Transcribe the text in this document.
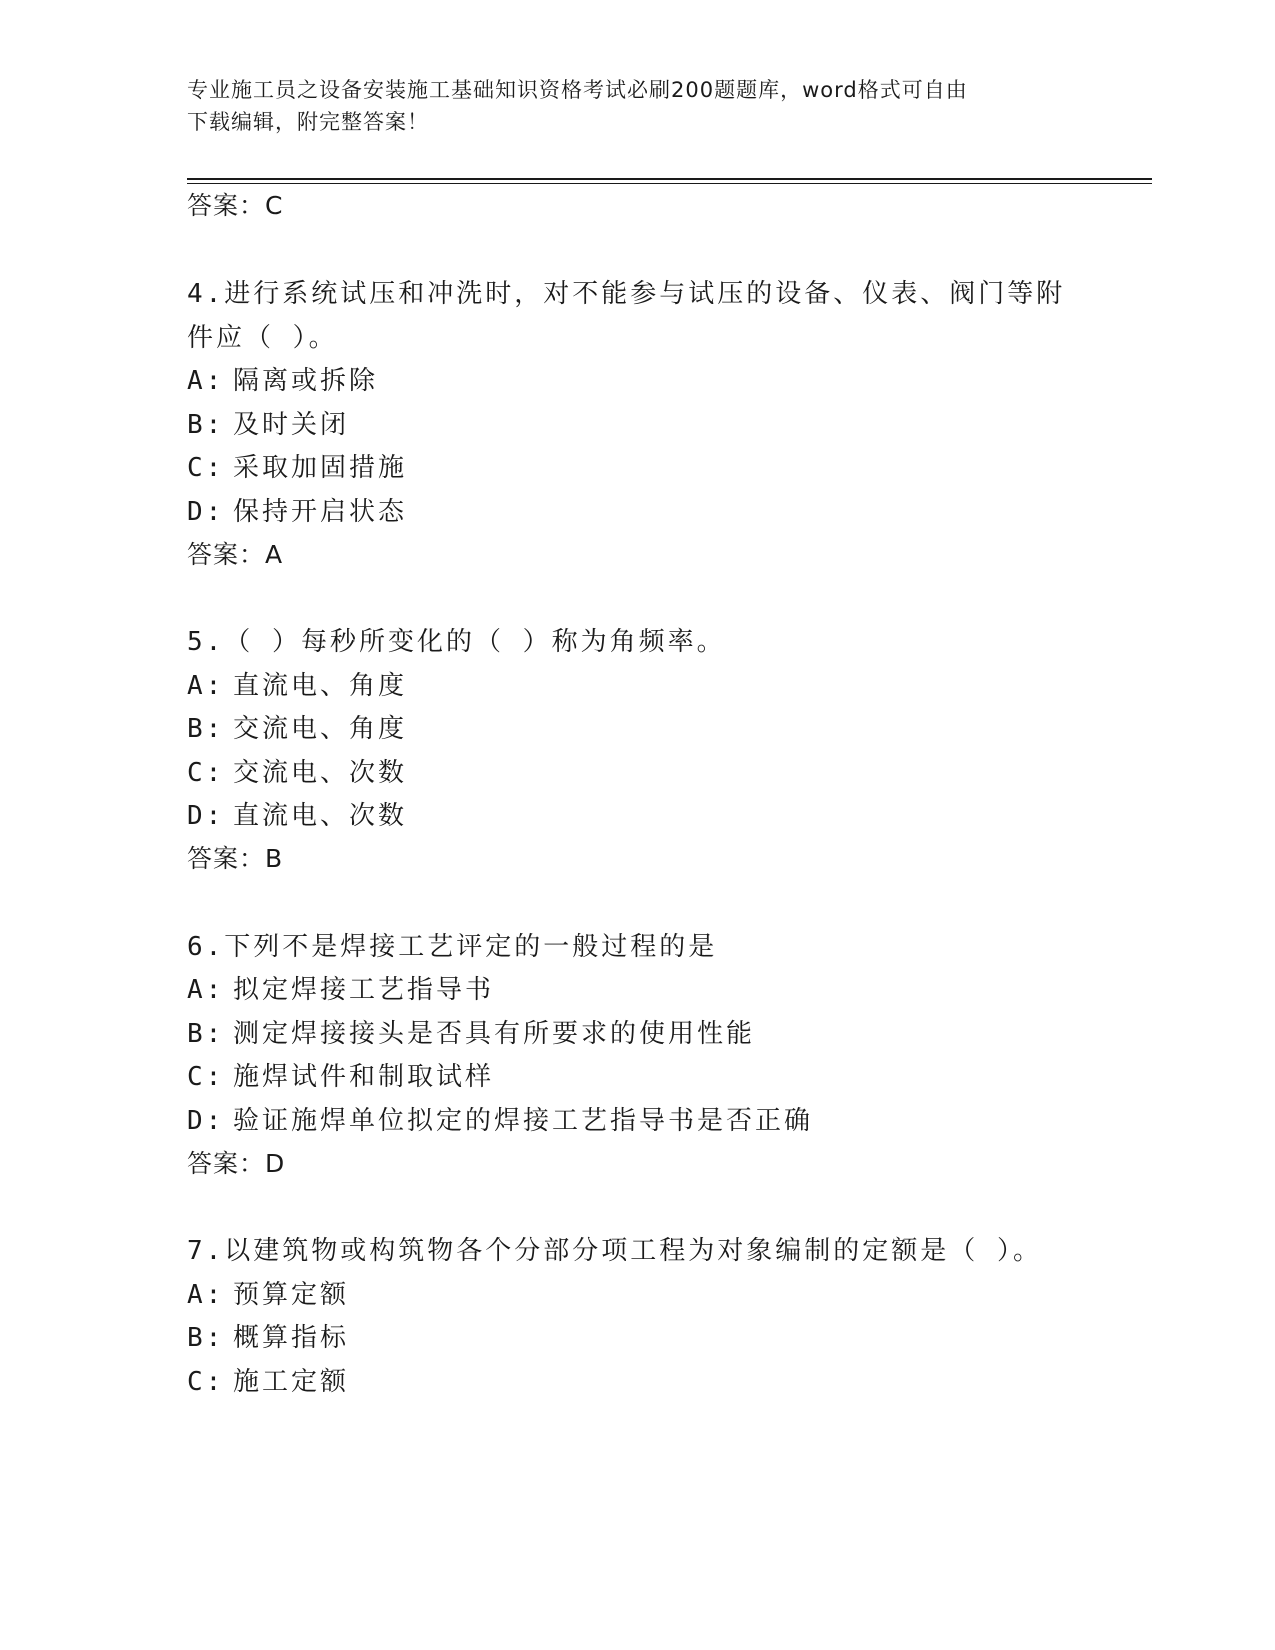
专业施工员之设备安装施工基础知识资格考试必刷200题题库，word格式可自由
下载编辑，附完整答案！
答案：C
4.进行系统试压和冲洗时，对不能参与试压的设备、仪表、阀门等附
件应（ ）。
A: 隔离或拆除
B: 及时关闭
C: 采取加固措施
D: 保持开启状态
答案：A
5.（ ）每秒所变化的（ ）称为角频率。
A: 直流电、角度
B: 交流电、角度
C: 交流电、次数
D: 直流电、次数
答案：B
6.下列不是焊接工艺评定的一般过程的是
A: 拟定焊接工艺指导书
B: 测定焊接接头是否具有所要求的使用性能
C: 施焊试件和制取试样
D: 验证施焊单位拟定的焊接工艺指导书是否正确
答案：D
7.以建筑物或构筑物各个分部分项工程为对象编制的定额是（ ）。
A: 预算定额
B: 概算指标
C: 施工定额
